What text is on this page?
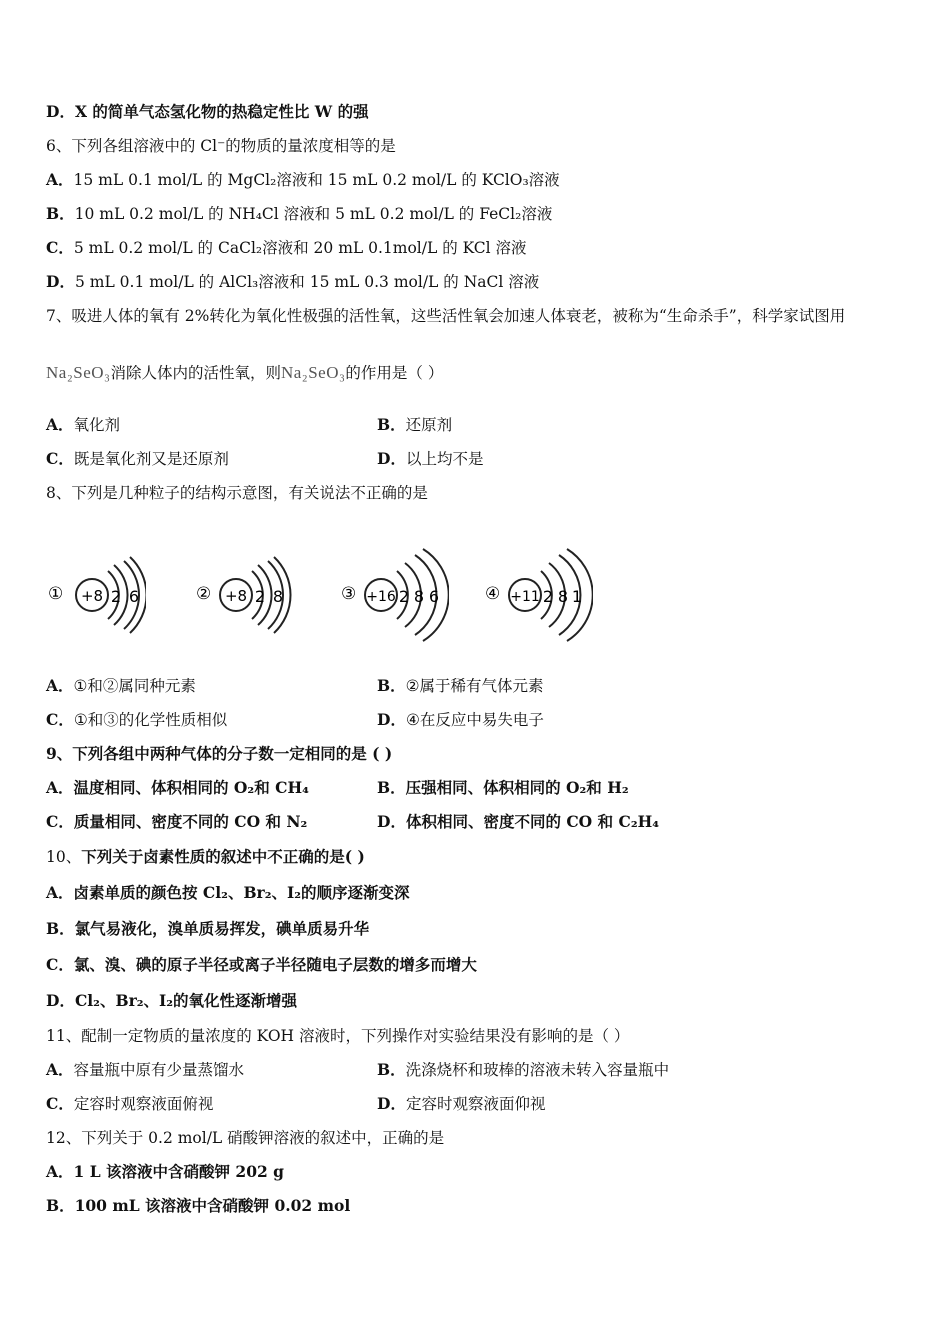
D．X 的简单气态氢化物的热稳定性比 W 的强
6、下列各组溶液中的 Cl⁻的物质的量浓度相等的是
A．15 mL 0.1 mol/L 的 MgCl₂溶液和 15 mL 0.2 mol/L 的 KClO₃溶液
B．10 mL 0.2 mol/L 的 NH₄Cl 溶液和 5 mL 0.2 mol/L 的 FeCl₂溶液
C．5 mL 0.2 mol/L 的 CaCl₂溶液和 20 mL 0.1mol/L 的 KCl 溶液
D．5 mL 0.1 mol/L 的 AlCl₃溶液和 15 mL 0.3 mol/L 的 NaCl 溶液
7、吸进人体的氧有 2%转化为氧化性极强的活性氧，这些活性氧会加速人体衰老，被称为“生命杀手”，科学家试图用
Na₂SeO₃消除人体内的活性氧，则Na₂SeO₃的作用是（ ）
A．氧化剂	B．还原剂
C．既是氧化剂又是还原剂	D．以上均不是
8、下列是几种粒子的结构示意图，有关说法不正确的是
① +8 2 6	② +8 2 8	③ +16 2 8 6	④ +11 2 8 1
A．①和②属同种元素	B．②属于稀有气体元素
C．①和③的化学性质相似	D．④在反应中易失电子
9、下列各组中两种气体的分子数一定相同的是 ( )
A．温度相同、体积相同的 O₂和 CH₄	B．压强相同、体积相同的 O₂和 H₂
C．质量相同、密度不同的 CO 和 N₂	D．体积相同、密度不同的 CO 和 C₂H₄
10、下列关于卤素性质的叙述中不正确的是( )
A．卤素单质的颜色按 Cl₂、Br₂、I₂的顺序逐渐变深
B．氯气易液化，溴单质易挥发，碘单质易升华
C．氯、溴、碘的原子半径或离子半径随电子层数的增多而增大
D．Cl₂、Br₂、I₂的氧化性逐渐增强
11、配制一定物质的量浓度的 KOH 溶液时，下列操作对实验结果没有影响的是（ ）
A．容量瓶中原有少量蒸馏水	B．洗涤烧杯和玻棒的溶液未转入容量瓶中
C．定容时观察液面俯视	D．定容时观察液面仰视
12、下列关于 0.2 mol/L 硝酸钾溶液的叙述中，正确的是
A．1 L 该溶液中含硝酸钾 202 g
B．100 mL 该溶液中含硝酸钾 0.02 mol
